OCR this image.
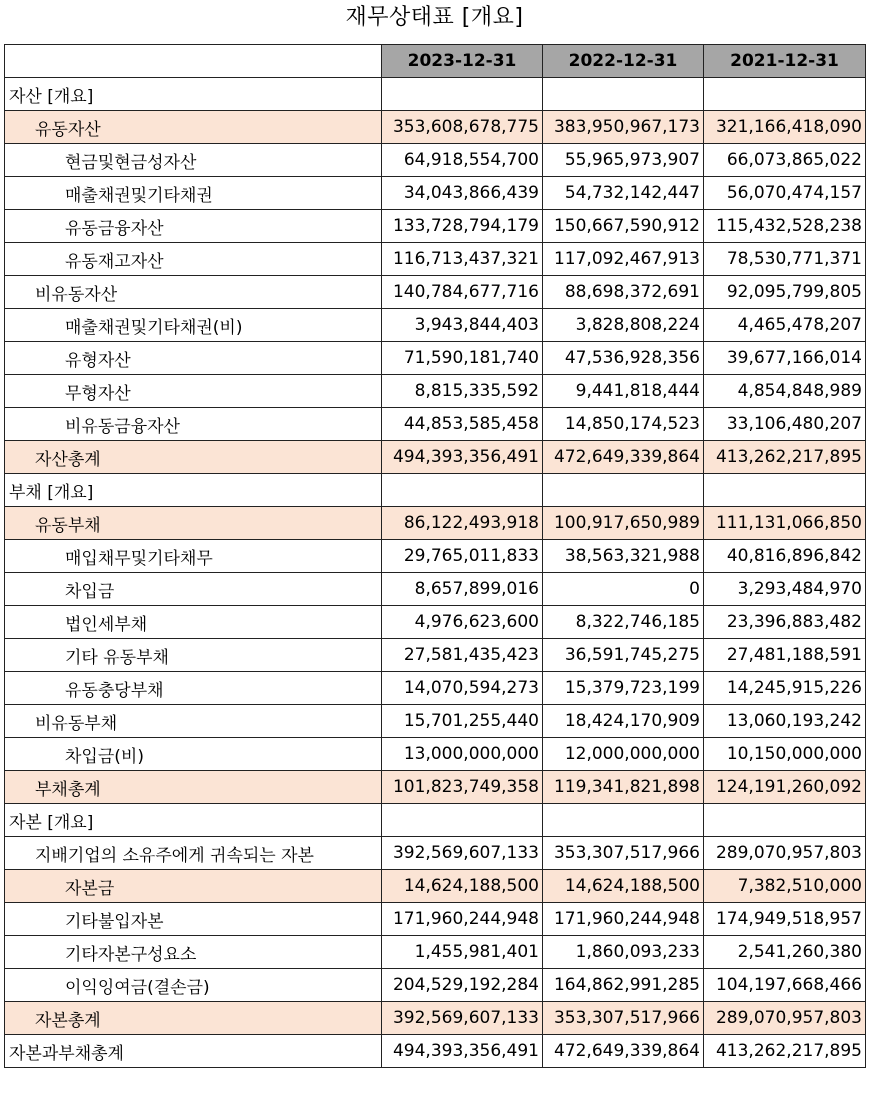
재무상태표 [개요]
	2023-12-31	2022-12-31	2021-12-31
자산 [개요]			
유동자산	353,608,678,775	383,950,967,173	321,166,418,090
현금및현금성자산	64,918,554,700	55,965,973,907	66,073,865,022
매출채권및기타채권	34,043,866,439	54,732,142,447	56,070,474,157
유동금융자산	133,728,794,179	150,667,590,912	115,432,528,238
유동재고자산	116,713,437,321	117,092,467,913	78,530,771,371
비유동자산	140,784,677,716	88,698,372,691	92,095,799,805
매출채권및기타채권(비)	3,943,844,403	3,828,808,224	4,465,478,207
유형자산	71,590,181,740	47,536,928,356	39,677,166,014
무형자산	8,815,335,592	9,441,818,444	4,854,848,989
비유동금융자산	44,853,585,458	14,850,174,523	33,106,480,207
자산총계	494,393,356,491	472,649,339,864	413,262,217,895
부채 [개요]			
유동부채	86,122,493,918	100,917,650,989	111,131,066,850
매입채무및기타채무	29,765,011,833	38,563,321,988	40,816,896,842
차입금	8,657,899,016	0	3,293,484,970
법인세부채	4,976,623,600	8,322,746,185	23,396,883,482
기타 유동부채	27,581,435,423	36,591,745,275	27,481,188,591
유동충당부채	14,070,594,273	15,379,723,199	14,245,915,226
비유동부채	15,701,255,440	18,424,170,909	13,060,193,242
차입금(비)	13,000,000,000	12,000,000,000	10,150,000,000
부채총계	101,823,749,358	119,341,821,898	124,191,260,092
자본 [개요]			
지배기업의 소유주에게 귀속되는 자본	392,569,607,133	353,307,517,966	289,070,957,803
자본금	14,624,188,500	14,624,188,500	7,382,510,000
기타불입자본	171,960,244,948	171,960,244,948	174,949,518,957
기타자본구성요소	1,455,981,401	1,860,093,233	2,541,260,380
이익잉여금(결손금)	204,529,192,284	164,862,991,285	104,197,668,466
자본총계	392,569,607,133	353,307,517,966	289,070,957,803
자본과부채총계	494,393,356,491	472,649,339,864	413,262,217,895
